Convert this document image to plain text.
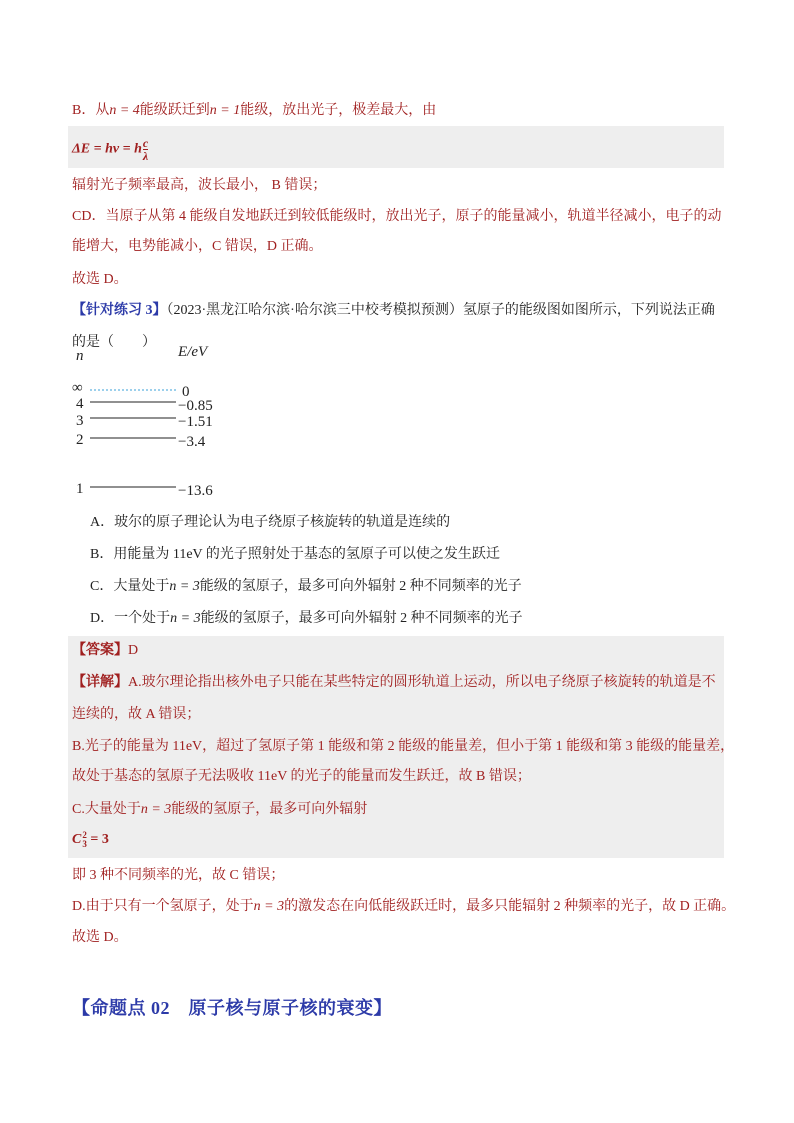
B．从n = 4能级跃迁到n = 1能级，放出光子，极差最大，由
ΔE = hν = h $\frac{c}{\lambda}$
辐射光子频率最高，波长最小， B 错误；
CD．当原子从第 4 能级自发地跃迁到较低能级时，放出光子，原子的能量减小，轨道半径减小，电子的动
能增大，电势能减小，C 错误，D 正确。
故选 D。
【针对练习 3】（2023·黑龙江哈尔滨·哈尔滨三中校考模拟预测）氢原子的能级图如图所示，下列说法正确
的是（　　）
n	E/eV
∞	0
4	−0.85
3	−1.51
2	−3.4
1	−13.6
A．玻尔的原子理论认为电子绕原子核旋转的轨道是连续的
B．用能量为 11eV 的光子照射处于基态的氢原子可以使之发生跃迁
C．大量处于n = 3能级的氢原子，最多可向外辐射 2 种不同频率的光子
D．一个处于n = 3能级的氢原子，最多可向外辐射 2 种不同频率的光子
【答案】D
【详解】A.玻尔理论指出核外电子只能在某些特定的圆形轨道上运动，所以电子绕原子核旋转的轨道是不
连续的，故 A 错误；
B.光子的能量为 11eV，超过了氢原子第 1 能级和第 2 能级的能量差，但小于第 1 能级和第 3 能级的能量差，
故处于基态的氢原子无法吸收 11eV 的光子的能量而发生跃迁，故 B 错误；
C.大量处于n = 3能级的氢原子，最多可向外辐射
C 2
3 = 3
即 3 种不同频率的光，故 C 错误；
D.由于只有一个氢原子，处于n = 3的激发态在向低能级跃迁时，最多只能辐射 2 种频率的光子，故 D 正确。
故选 D。
【命题点 02　原子核与原子核的衰变】
